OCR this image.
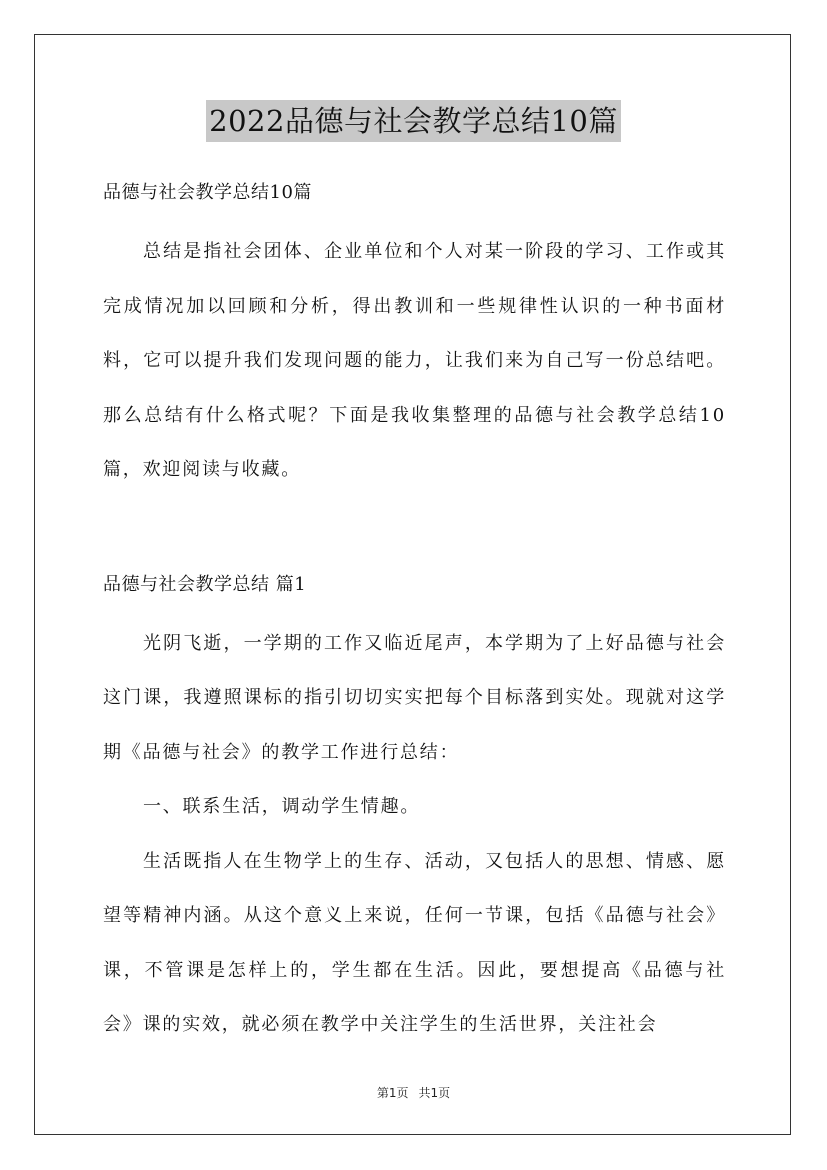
2022品德与社会教学总结10篇

品德与社会教学总结10篇

总结是指社会团体、企业单位和个人对某一阶段的学习、工作或其完成情况加以回顾和分析，得出教训和一些规律性认识的一种书面材料，它可以提升我们发现问题的能力，让我们来为自己写一份总结吧。那么总结有什么格式呢？下面是我收集整理的品德与社会教学总结10篇，欢迎阅读与收藏。

品德与社会教学总结 篇1

光阴飞逝，一学期的工作又临近尾声，本学期为了上好品德与社会这门课，我遵照课标的指引切切实实把每个目标落到实处。现就对这学期《品德与社会》的教学工作进行总结：

一、联系生活，调动学生情趣。

生活既指人在生物学上的生存、活动，又包括人的思想、情感、愿望等精神内涵。从这个意义上来说，任何一节课，包括《品德与社会》课，不管课是怎样上的，学生都在生活。因此，要想提高《品德与社会》课的实效，就必须在教学中关注学生的生活世界，关注社会

第1页 共1页
